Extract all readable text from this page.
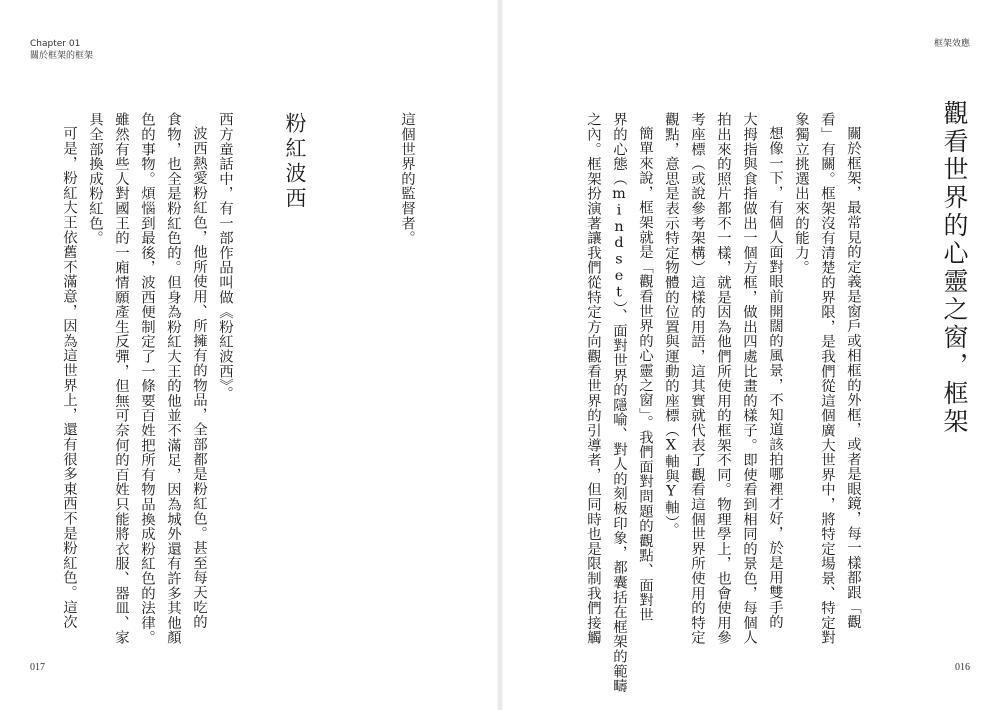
Chapter 01
關於框架的框架
這個世界的監督者。
粉紅波西

西方童話中，有一部作品叫做《粉紅波西》。

波西熱愛粉紅色，他所使用、所擁有的物品，全部都是粉紅色。甚至每天吃的

食物，也全是粉紅色的。但身為粉紅大王的他並不滿足，因為城外還有許多其他顏

色的事物。煩惱到最後，波西便制定了一條要百姓把所有物品換成粉紅色的法律。

雖然有些人對國王的一廂情願產生反彈，但無可奈何的百姓只能將衣服、器皿、家

具全部換成粉紅色。

可是，粉紅大王依舊不滿意，因為這世界上，還有很多東西不是粉紅色。這次

017
框架效應
觀看世界的心靈之窗，框架

關於框架，最常見的定義是窗戶或相框的外框，或者是眼鏡，每一樣都跟「觀

看」有關。框架沒有清楚的界限，是我們從這個廣大世界中，將特定場景、特定對

象獨立挑選出來的能力。

想像一下，有個人面對眼前開闊的風景，不知道該拍哪裡才好，於是用雙手的

大拇指與食指做出一個方框，做出四處比畫的樣子。即使看到相同的景色，每個人

拍出來的照片都不一樣，就是因為他們所使用的框架不同。物理學上，也會使用參

考座標（或說參考架構）這樣的用語，這其實就代表了觀看這個世界所使用的特定

觀點，意思是表示特定物體的位置與運動的座標（X軸與Y軸）。

簡單來說，框架就是「觀看世界的心靈之窗」。我們面對問題的觀點、面對世

界的心態（mindset）、面對世界的隱喻、對人的刻板印象，都囊括在框架的範疇

之內。框架扮演著讓我們從特定方向觀看世界的引導者，但同時也是限制我們接觸

016
